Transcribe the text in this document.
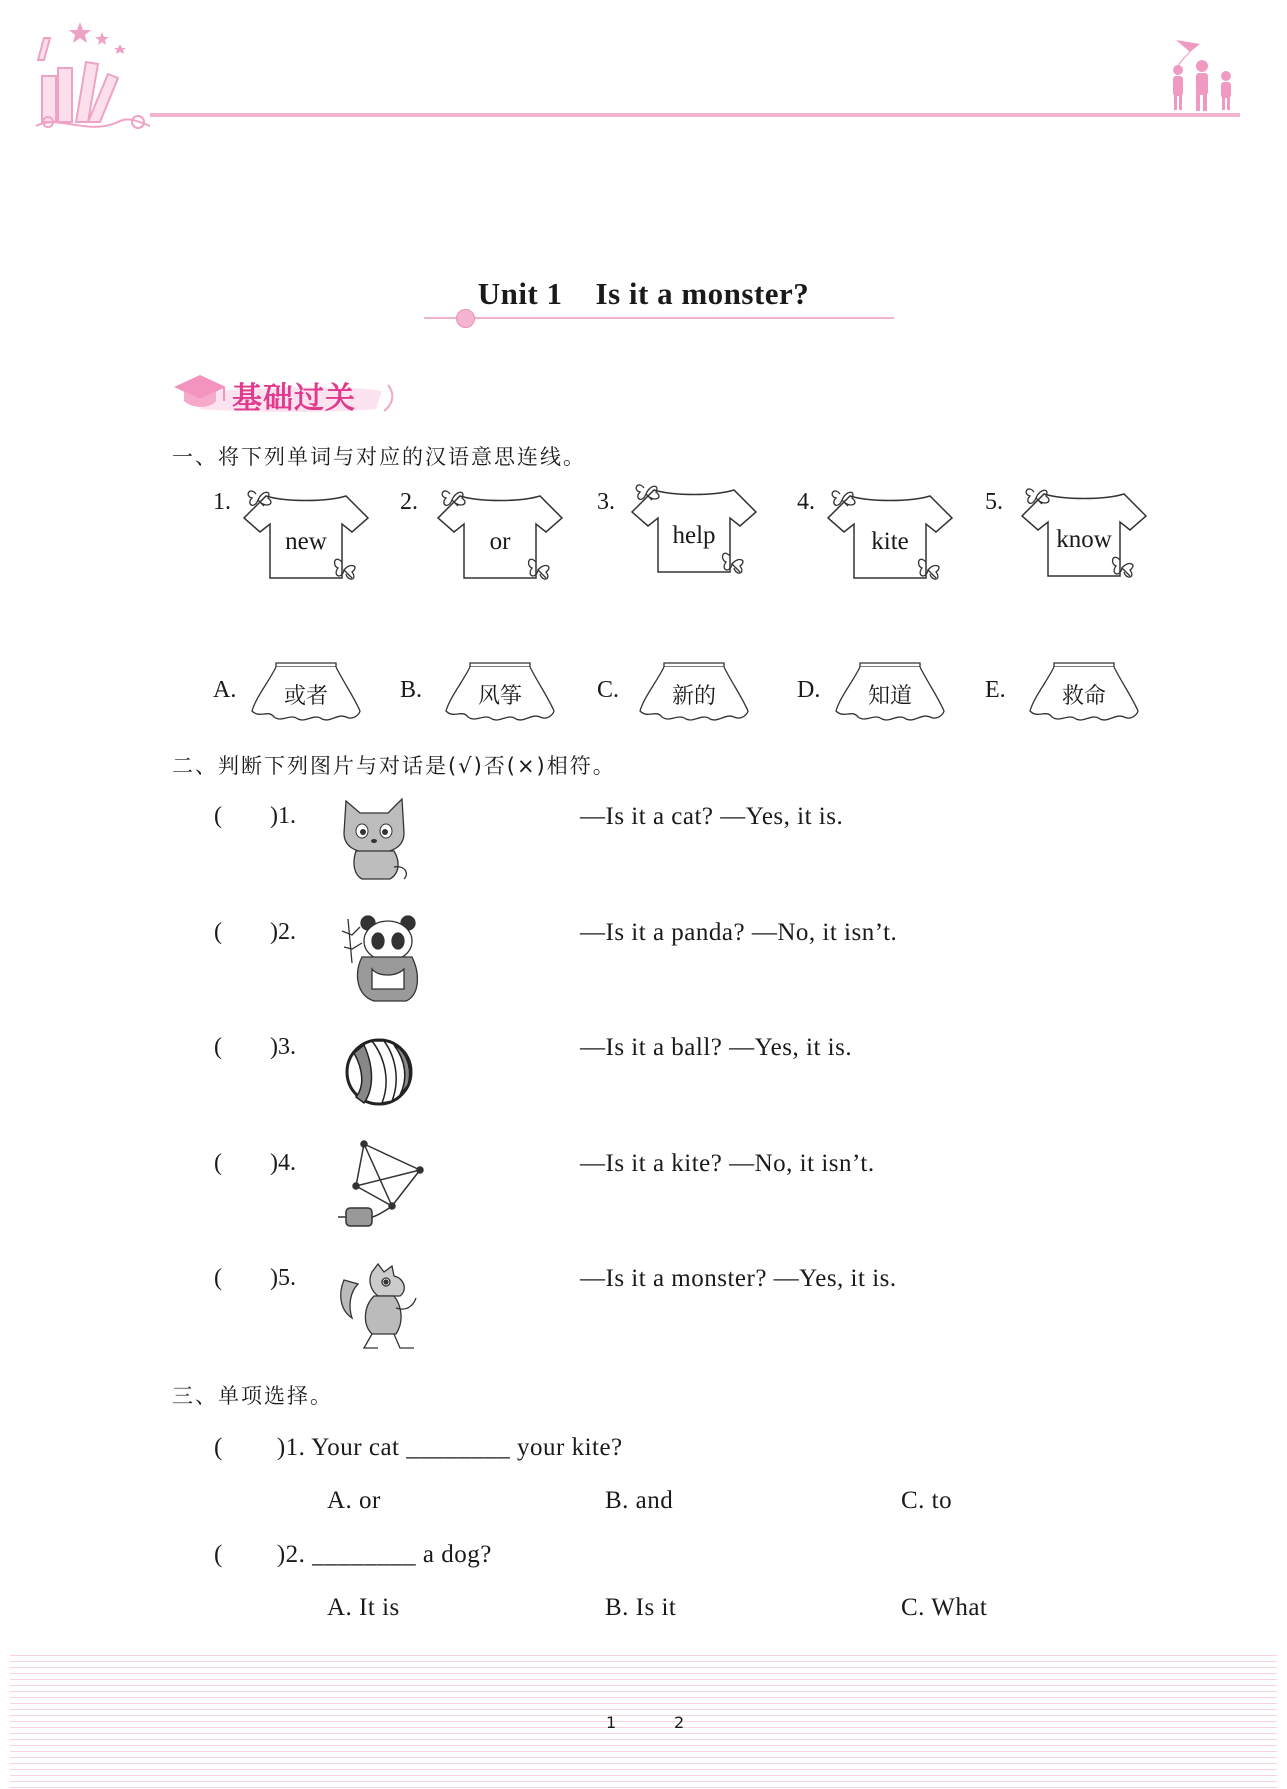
Unit 1    Is it a monster?
基础过关
一、将下列单词与对应的汉语意思连线。
1.
new
2.
or
3.
help
4.
kite
5.
know
A.	或者	B.	风筝	C.	新的	D.	知道	E.	救命
二、判断下列图片与对话是(√)否(×)相符。
(        )1.	—Is it a cat? —Yes, it is.
(        )2.	—Is it a panda? —No, it isn’t.
(        )3.	—Is it a ball? —Yes, it is.
(        )4.	—Is it a kite? —No, it isn’t.
(        )5.	—Is it a monster? —Yes, it is.
三、单项选择。
(        )1. Your cat ________ your kite?
A. or	B. and	C. to
(        )2. ________ a dog?
A. It is	B. Is it	C. What
1	2
